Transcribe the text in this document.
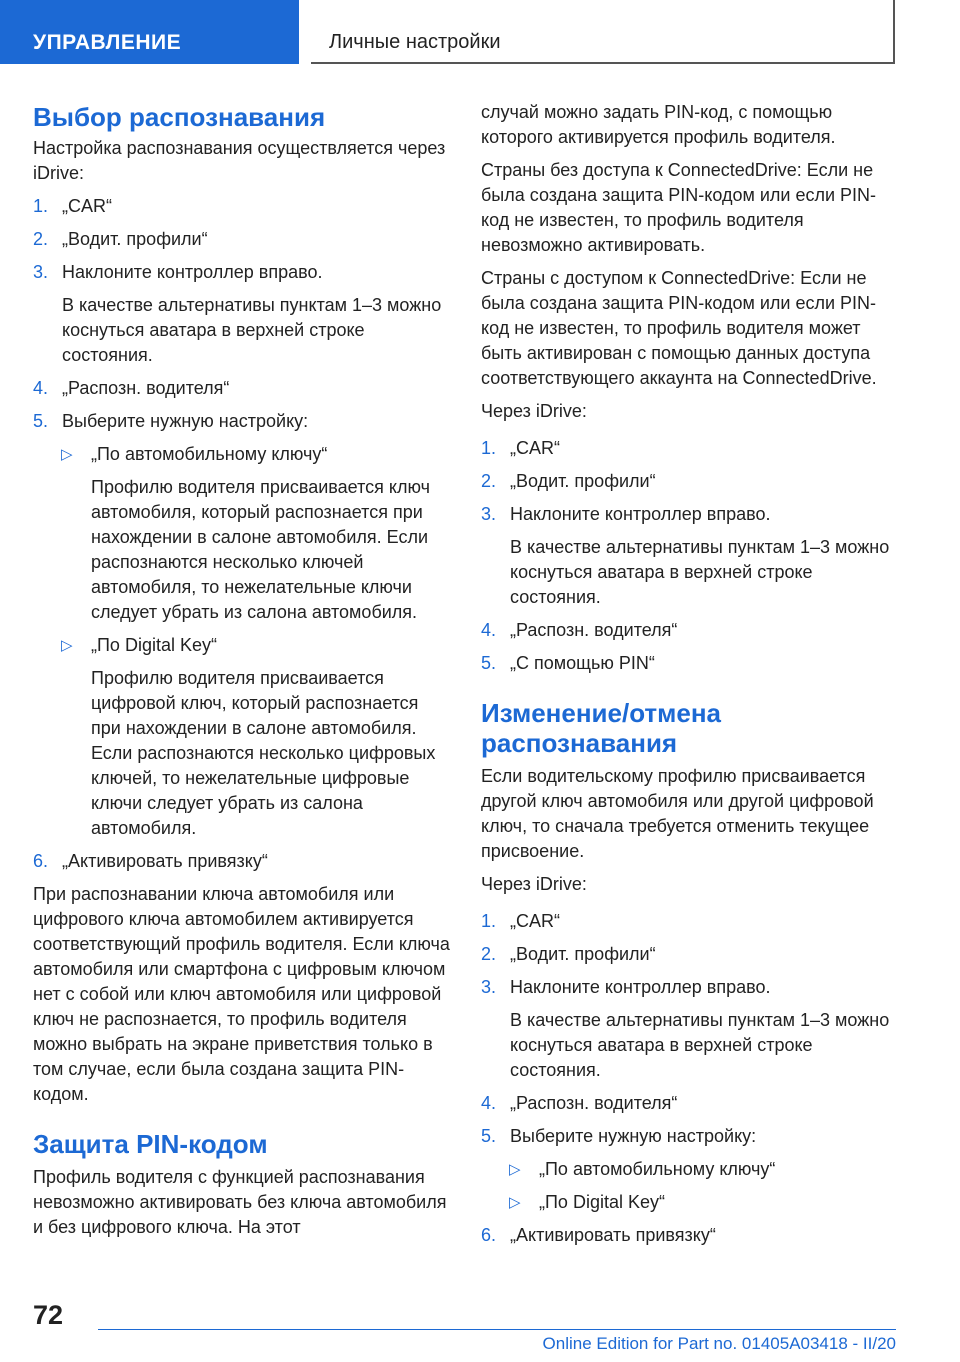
УПРАВЛЕНИЕ	Личные настройки
Выбор распознавания

Настройка распознавания осуществляется через iDrive:

1. „CAR“
2. „Водит. профили“
3. Наклоните контроллер вправо.

В качестве альтернативы пунктам 1–3 можно коснуться аватара в верхней строке состояния.

4. „Распозн. водителя“
5. Выберите нужную настройку:
▷ „По автомобильному ключу“

Профилю водителя присваивается ключ автомобиля, который распознается при нахождении в салоне автомобиля. Если распознаются несколько ключей автомобиля, то нежелательные ключи следует убрать из салона автомобиля.

▷ „По Digital Key“

Профилю водителя присваивается цифровой ключ, который распознается при нахождении в салоне автомобиля. Если распознаются несколько цифровых ключей, то нежелательные цифровые ключи следует убрать из салона автомобиля.

6. „Активировать привязку“

При распознавании ключа автомобиля или цифрового ключа автомобилем активируется соответствующий профиль водителя. Если ключа автомобиля или смартфона с цифровым ключом нет с собой или ключ автомобиля или цифровой ключ не распознается, то профиль водителя можно выбрать на экране приветствия только в том случае, если была создана защита PIN-кодом.

Защита PIN-кодом

Профиль водителя с функцией распознавания невозможно активировать без ключа автомобиля и без цифрового ключа. На этот

случай можно задать PIN-код, с помощью которого активируется профиль водителя.

Страны без доступа к ConnectedDrive: Если не была создана защита PIN-кодом или если PIN-код не известен, то профиль водителя невозможно активировать.

Страны с доступом к ConnectedDrive: Если не была создана защита PIN-кодом или если PIN-код не известен, то профиль водителя может быть активирован с помощью данных доступа соответствующего аккаунта на ConnectedDrive.

Через iDrive:

1. „CAR“
2. „Водит. профили“
3. Наклоните контроллер вправо.

В качестве альтернативы пунктам 1–3 можно коснуться аватара в верхней строке состояния.

4. „Распозн. водителя“
5. „С помощью PIN“
Изменение/отмена распознавания

Если водительскому профилю присваивается другой ключ автомобиля или другой цифровой ключ, то сначала требуется отменить текущее присвоение.

Через iDrive:

1. „CAR“
2. „Водит. профили“
3. Наклоните контроллер вправо.

В качестве альтернативы пунктам 1–3 можно коснуться аватара в верхней строке состояния.

4. „Распозн. водителя“
5. Выберите нужную настройку:
▷ „По автомобильному ключу“
▷ „По Digital Key“
6. „Активировать привязку“
72
Online Edition for Part no. 01405A03418 - II/20
